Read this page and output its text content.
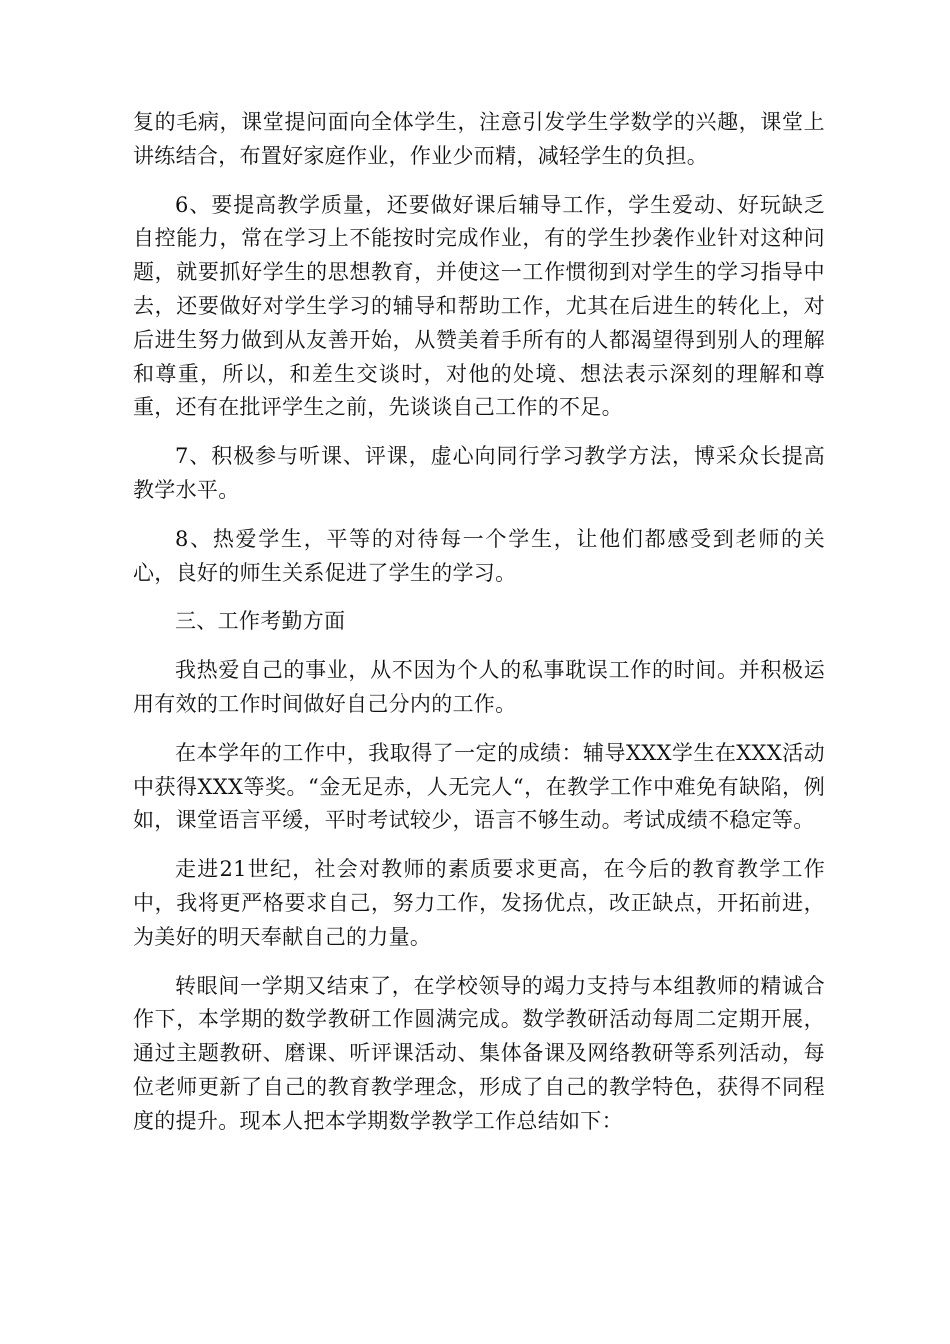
复的毛病，课堂提问面向全体学生，注意引发学生学数学的兴趣，课堂上讲练结合，布置好家庭作业，作业少而精，减轻学生的负担。

6、要提高教学质量，还要做好课后辅导工作，学生爱动、好玩缺乏自控能力，常在学习上不能按时完成作业，有的学生抄袭作业针对这种问题，就要抓好学生的思想教育，并使这一工作惯彻到对学生的学习指导中去，还要做好对学生学习的辅导和帮助工作，尤其在后进生的转化上，对后进生努力做到从友善开始，从赞美着手所有的人都渴望得到别人的理解和尊重，所以，和差生交谈时，对他的处境、想法表示深刻的理解和尊重，还有在批评学生之前，先谈谈自己工作的不足。

7、积极参与听课、评课，虚心向同行学习教学方法，博采众长提高教学水平。

8、热爱学生，平等的对待每一个学生，让他们都感受到老师的关心，良好的师生关系促进了学生的学习。

三、工作考勤方面

我热爱自己的事业，从不因为个人的私事耽误工作的时间。并积极运用有效的工作时间做好自己分内的工作。

在本学年的工作中，我取得了一定的成绩：辅导XXX学生在XXX活动中获得XXX等奖。“金无足赤，人无完人“，在教学工作中难免有缺陷，例如，课堂语言平缓，平时考试较少，语言不够生动。考试成绩不稳定等。

走进21世纪，社会对教师的素质要求更高，在今后的教育教学工作中，我将更严格要求自己，努力工作，发扬优点，改正缺点，开拓前进，为美好的明天奉献自己的力量。

转眼间一学期又结束了，在学校领导的竭力支持与本组教师的精诚合作下，本学期的数学教研工作圆满完成。数学教研活动每周二定期开展，通过主题教研、磨课、听评课活动、集体备课及网络教研等系列活动，每位老师更新了自己的教育教学理念，形成了自己的教学特色，获得不同程度的提升。现本人把本学期数学教学工作总结如下：
